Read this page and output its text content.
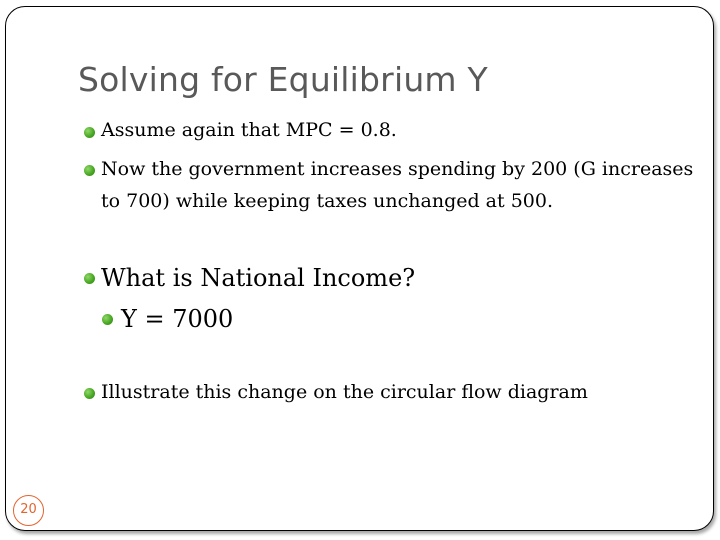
Solving for Equilibrium Y
Assume again that MPC = 0.8.
Now the government increases spending by 200 (G increases
to 700) while keeping taxes unchanged at 500.
What is National Income?
Y = 7000
Illustrate this change on the circular flow diagram
20
